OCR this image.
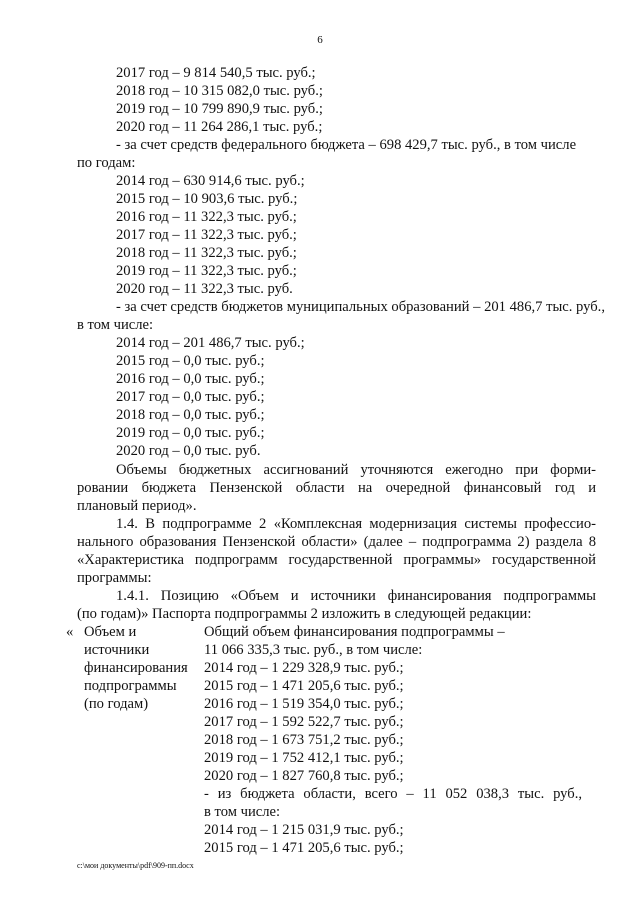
6
2017 год – 9 814 540,5 тыс. руб.;
2018 год – 10 315 082,0 тыс. руб.;
2019 год – 10 799 890,9 тыс. руб.;
2020 год – 11 264 286,1 тыс. руб.;
- за счет средств федерального бюджета – 698 429,7 тыс. руб., в том числе
по годам:
2014 год – 630 914,6 тыс. руб.;
2015 год – 10 903,6 тыс. руб.;
2016 год – 11 322,3 тыс. руб.;
2017 год – 11 322,3 тыс. руб.;
2018 год – 11 322,3 тыс. руб.;
2019 год – 11 322,3 тыс. руб.;
2020 год – 11 322,3 тыс. руб.
- за счет средств бюджетов муниципальных образований – 201 486,7 тыс. руб.,
в том числе:
2014 год – 201 486,7 тыс. руб.;
2015 год – 0,0 тыс. руб.;
2016 год – 0,0 тыс. руб.;
2017 год – 0,0 тыс. руб.;
2018 год – 0,0 тыс. руб.;
2019 год – 0,0 тыс. руб.;
2020 год – 0,0 тыс. руб.
Объемы бюджетных ассигнований уточняются ежегодно при форми-
ровании бюджета Пензенской области на очередной финансовый год и
плановый период».
1.4. В подпрограмме 2 «Комплексная модернизация системы профессио-
нального образования Пензенской области» (далее – подпрограмма 2) раздела 8
«Характеристика подпрограмм государственной программы» государственной
программы:
1.4.1. Позицию «Объем и источники финансирования подпрограммы
(по годам)» Паспорта подпрограммы 2 изложить в следующей редакции:
« Объем и
источники
финансирования
подпрограммы
(по годам)
Общий объем финансирования подпрограммы –
11 066 335,3 тыс. руб., в том числе:
2014 год – 1 229 328,9 тыс. руб.;
2015 год – 1 471 205,6 тыс. руб.;
2016 год – 1 519 354,0 тыс. руб.;
2017 год – 1 592 522,7 тыс. руб.;
2018 год – 1 673 751,2 тыс. руб.;
2019 год – 1 752 412,1 тыс. руб.;
2020 год – 1 827 760,8 тыс. руб.;
- из бюджета области, всего – 11 052 038,3 тыс. руб.,
в том числе:
2014 год – 1 215 031,9 тыс. руб.;
2015 год – 1 471 205,6 тыс. руб.;
c:\мои документы\pdf\909-пп.docx
